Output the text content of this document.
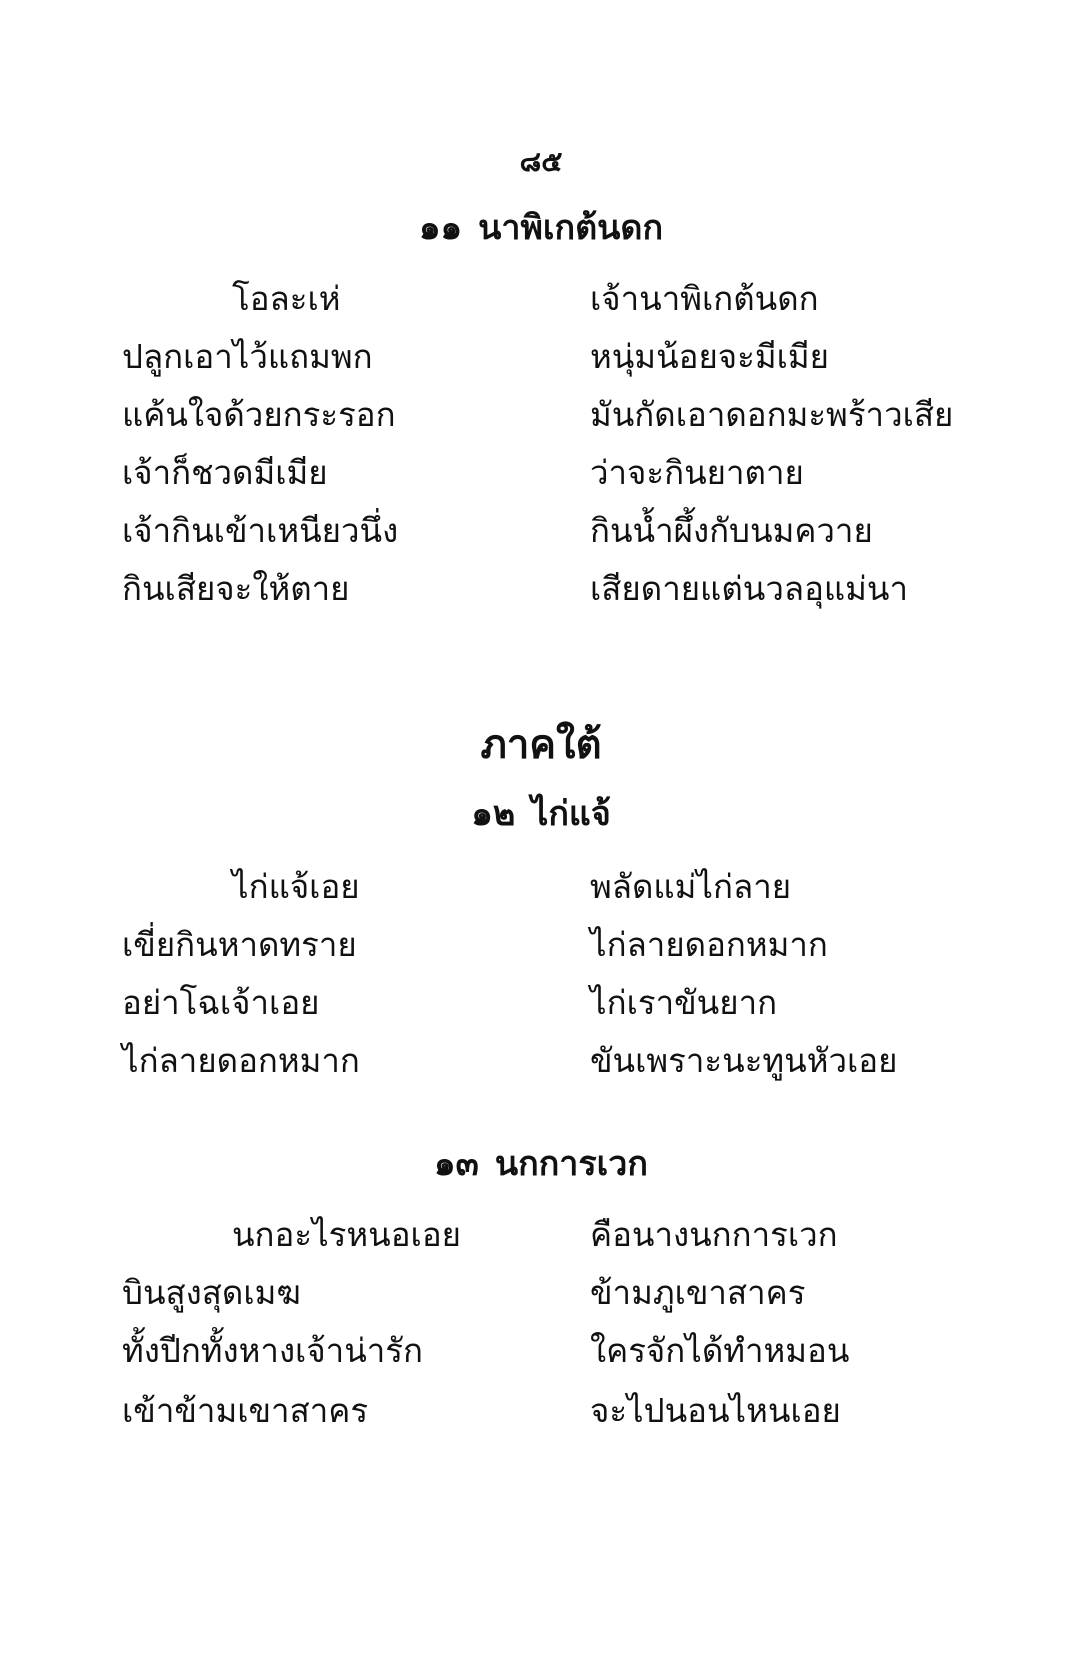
๘๕
๑๑ นาพิเกต้นดก
โอละเห่	เจ้านาพิเกต้นดก
ปลูกเอาไว้แถมพก	หนุ่มน้อยจะมีเมีย
แค้นใจด้วยกระรอก	มันกัดเอาดอกมะพร้าวเสีย
เจ้าก็ชวดมีเมีย	ว่าจะกินยาตาย
เจ้ากินเข้าเหนียวนึ่ง	กินน้ำผึ้งกับนมควาย
กินเสียจะให้ตาย	เสียดายแต่นวลอุแม่นา
ภาคใต้
๑๒ ไก่แจ้
ไก่แจ้เอย	พลัดแม่ไก่ลาย
เขี่ยกินหาดทราย	ไก่ลายดอกหมาก
อย่าโฉเจ้าเอย	ไก่เราขันยาก
ไก่ลายดอกหมาก	ขันเพราะนะทูนหัวเอย
๑๓ นกการเวก
นกอะไรหนอเอย	คือนางนกการเวก
บินสูงสุดเมฆ	ข้ามภูเขาสาคร
ทั้งปีกทั้งหางเจ้าน่ารัก	ใครจักได้ทำหมอน
เข้าข้ามเขาสาคร	จะไปนอนไหนเอย
